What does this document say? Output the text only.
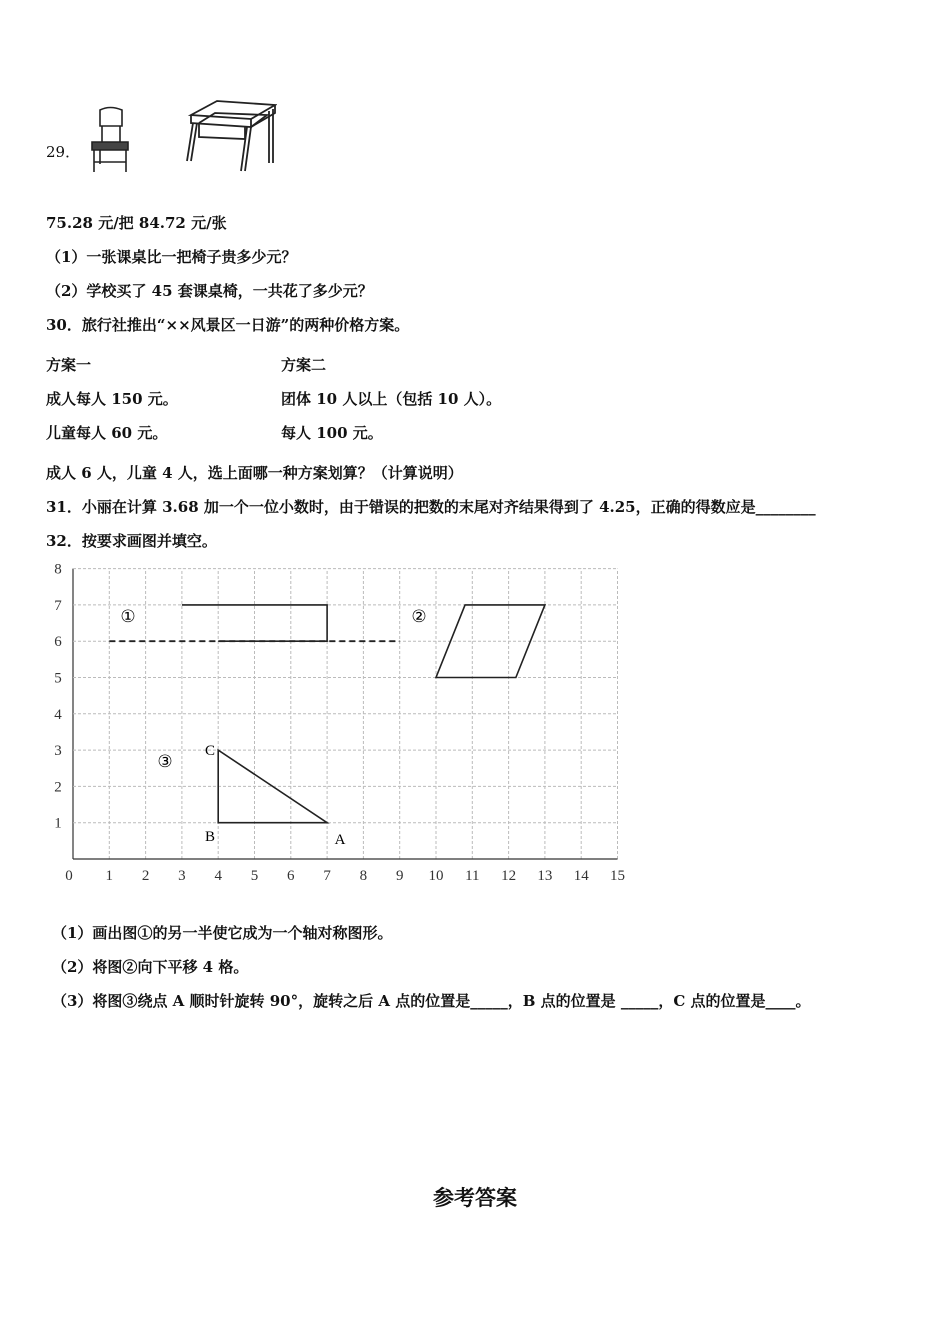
29．
75.28 元/把 84.72 元/张
（1）一张课桌比一把椅子贵多少元？
（2）学校买了 45 套课桌椅，一共花了多少元？
30．旅行社推出“××风景区一日游”的两种价格方案。
方案一	方案二
成人每人 150 元。	团体 10 人以上（包括 10 人）。
儿童每人 60 元。	每人 100 元。
成人 6 人，儿童 4 人，选上面哪一种方案划算？（计算说明）
31．小丽在计算 3.68 加一个一位小数时，由于错误的把数的末尾对齐结果得到了 4.25，正确的得数应是________
32．按要求画图并填空。
0 1 2 3 4 5 6 7 8 9 10 11 12 13 14 15
1
2
3
4
5
6
7
8
①	②
③
A
B
C
（1）画出图①的另一半使它成为一个轴对称图形。
（2）将图②向下平移 4 格。
（3）将图③绕点 A 顺时针旋转 90°，旋转之后 A 点的位置是_____，B 点的位置是 _____，C 点的位置是____。
参考答案
